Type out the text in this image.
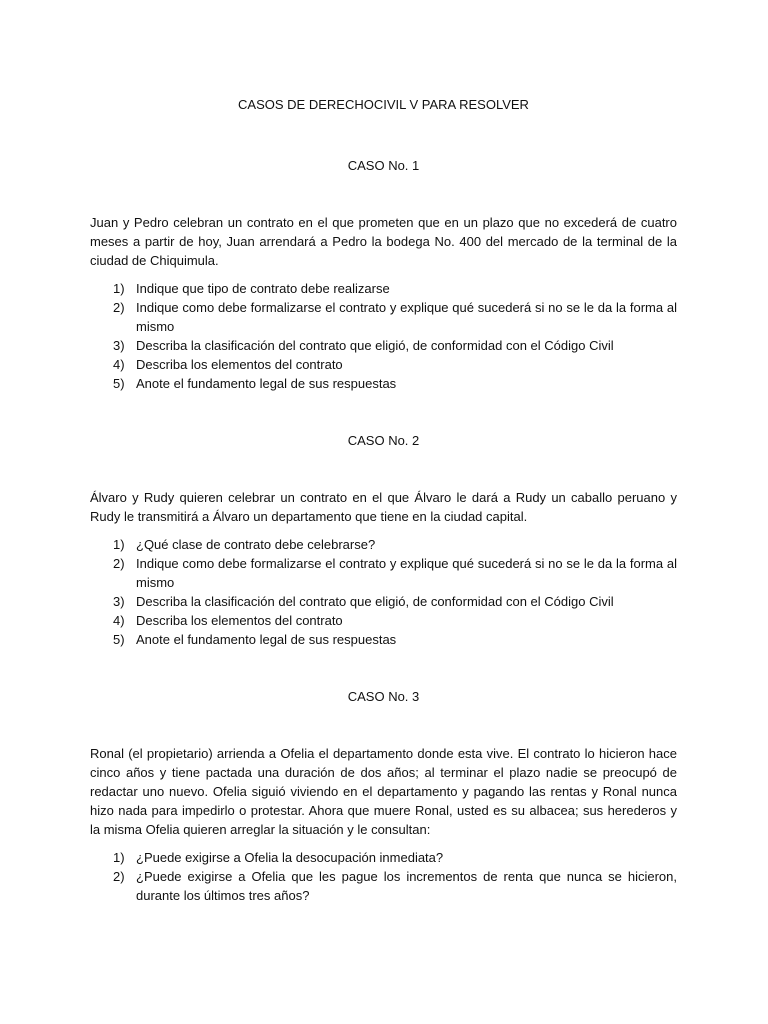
CASOS DE DERECHOCIVIL V PARA RESOLVER

CASO No. 1

Juan y Pedro celebran un contrato en el que prometen que en un plazo que no excederá de cuatro meses a partir de hoy, Juan arrendará a Pedro la bodega No. 400 del mercado de la terminal de la ciudad de Chiquimula.

1) Indique que tipo de contrato debe realizarse
2) Indique como debe formalizarse el contrato y explique qué sucederá si no se le da la forma al mismo
3) Describa la clasificación del contrato que eligió, de conformidad con el Código Civil
4) Describa los elementos del contrato
5) Anote el fundamento legal de sus respuestas

CASO No. 2

Álvaro y Rudy quieren celebrar un contrato en el que Álvaro le dará a Rudy un caballo peruano y Rudy le transmitirá a Álvaro un departamento que tiene en la ciudad capital.

1) ¿Qué clase de contrato debe celebrarse?
2) Indique como debe formalizarse el contrato y explique qué sucederá si no se le da la forma al mismo
3) Describa la clasificación del contrato que eligió, de conformidad con el Código Civil
4) Describa los elementos del contrato
5) Anote el fundamento legal de sus respuestas

CASO No. 3

Ronal (el propietario) arrienda a Ofelia el departamento donde esta vive. El contrato lo hicieron hace cinco años y tiene pactada una duración de dos años; al terminar el plazo nadie se preocupó de redactar uno nuevo. Ofelia siguió viviendo en el departamento y pagando las rentas y Ronal nunca hizo nada para impedirlo o protestar. Ahora que muere Ronal, usted es su albacea; sus herederos y la misma Ofelia quieren arreglar la situación y le consultan:

1) ¿Puede exigirse a Ofelia la desocupación inmediata?
2) ¿Puede exigirse a Ofelia que les pague los incrementos de renta que nunca se hicieron, durante los últimos tres años?
